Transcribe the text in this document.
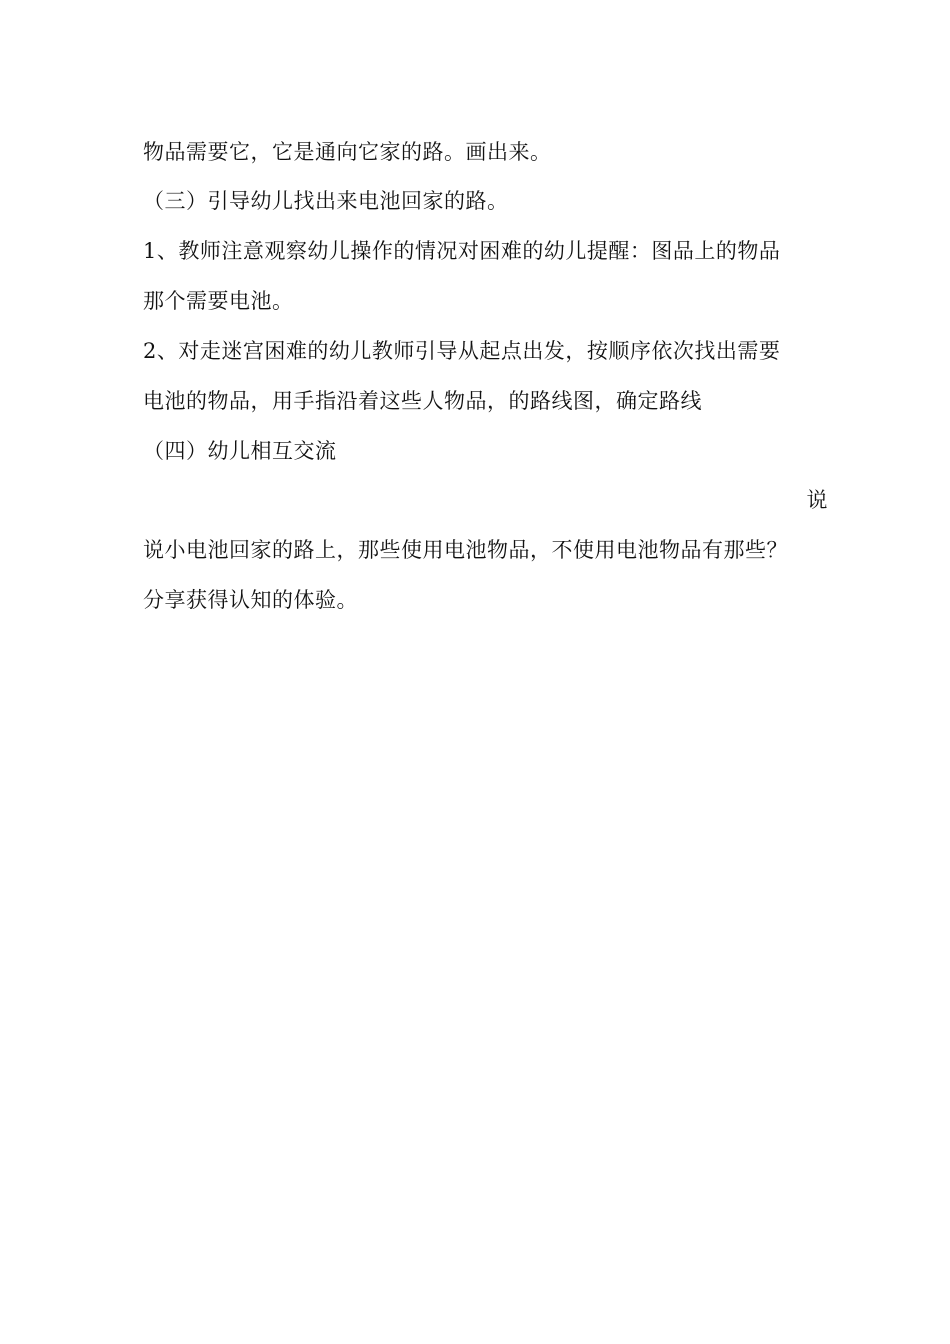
物品需要它，它是通向它家的路。画出来。
（三）引导幼儿找出来电池回家的路。
1、教师注意观察幼儿操作的情况对困难的幼儿提醒：图品上的物品
那个需要电池。
2、对走迷宫困难的幼儿教师引导从起点出发，按顺序依次找出需要
电池的物品，用手指沿着这些人物品，的路线图，确定路线
（四）幼儿相互交流
说
说小电池回家的路上，那些使用电池物品，不使用电池物品有那些？
分享获得认知的体验。
